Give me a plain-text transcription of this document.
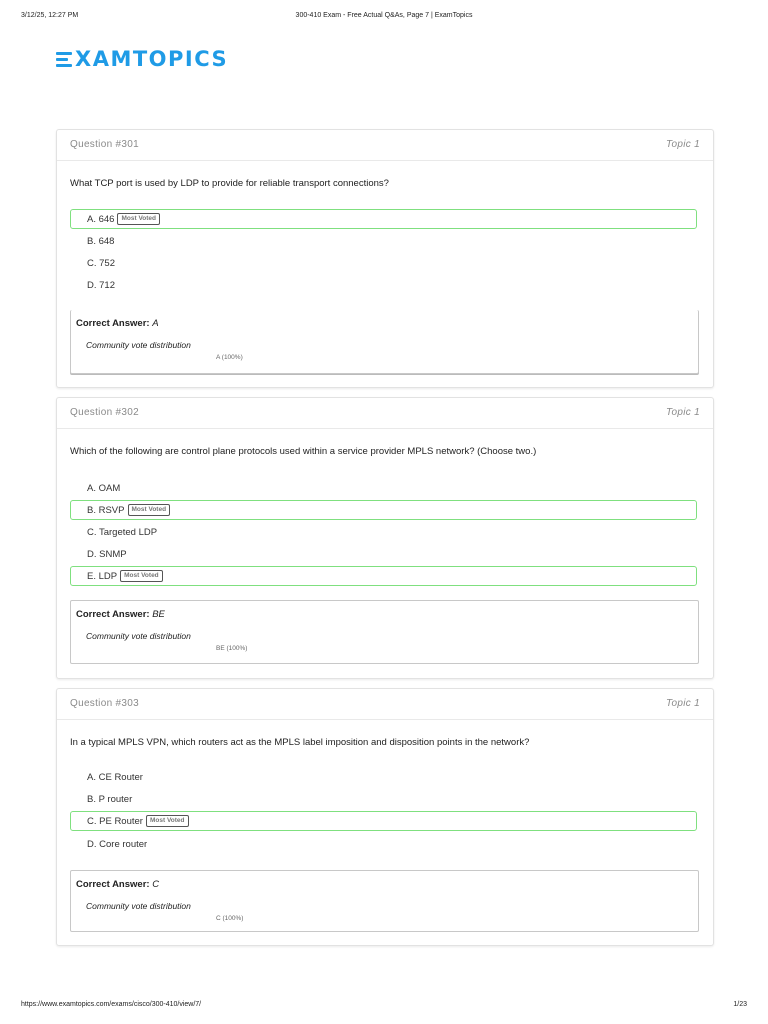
3/12/25, 12:27 PM	300-410 Exam - Free Actual Q&As, Page 7 | ExamTopics
XAMTOPICS
Question #301	Topic 1
What TCP port is used by LDP to provide for reliable transport connections?
A. 646	Most Voted
B. 648
C. 752
D. 712
Correct Answer: A
Community vote distribution
A (100%)
Question #302	Topic 1
Which of the following are control plane protocols used within a service provider MPLS network? (Choose two.)
A. OAM
B. RSVP	Most Voted
C. Targeted LDP
D. SNMP
E. LDP	Most Voted
Correct Answer: BE
Community vote distribution
BE (100%)
Question #303	Topic 1
In a typical MPLS VPN, which routers act as the MPLS label imposition and disposition points in the network?
A. CE Router
B. P router
C. PE Router	Most Voted
D. Core router
Correct Answer: C
Community vote distribution
C (100%)
https://www.examtopics.com/exams/cisco/300-410/view/7/	1/23
